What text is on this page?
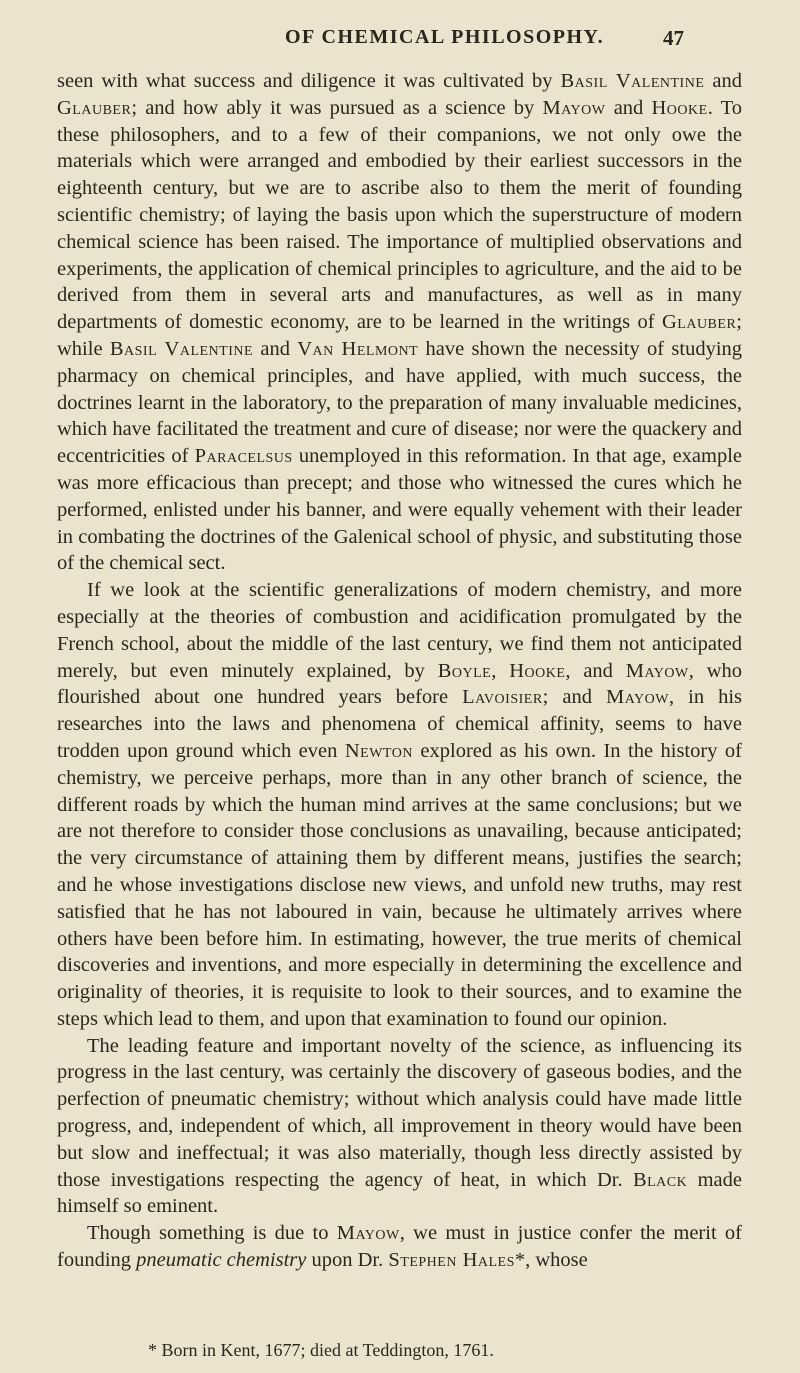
OF CHEMICAL PHILOSOPHY.	47

seen with what success and diligence it was cultivated by Basil Valentine and Glauber; and how ably it was pursued as a science by Mayow and Hooke. To these philosophers, and to a few of their companions, we not only owe the materials which were arranged and embodied by their earliest successors in the eighteenth century, but we are to ascribe also to them the merit of founding scientific chemistry; of laying the basis upon which the superstructure of modern chemical science has been raised. The importance of multiplied observations and experiments, the application of chemical principles to agriculture, and the aid to be derived from them in several arts and manufactures, as well as in many departments of domestic economy, are to be learned in the writings of Glauber; while Basil Valentine and Van Helmont have shown the necessity of studying pharmacy on chemical principles, and have applied, with much success, the doctrines learnt in the laboratory, to the preparation of many invaluable medicines, which have facilitated the treatment and cure of disease; nor were the quackery and eccentricities of Paracelsus unemployed in this reformation. In that age, example was more efficacious than precept; and those who witnessed the cures which he performed, enlisted under his banner, and were equally vehement with their leader in combating the doctrines of the Galenical school of physic, and substituting those of the chemical sect.

If we look at the scientific generalizations of modern chemistry, and more especially at the theories of combustion and acidification promulgated by the French school, about the middle of the last century, we find them not anticipated merely, but even minutely explained, by Boyle, Hooke, and Mayow, who flourished about one hundred years before Lavoisier; and Mayow, in his researches into the laws and phenomena of chemical affinity, seems to have trodden upon ground which even Newton explored as his own. In the history of chemistry, we perceive perhaps, more than in any other branch of science, the different roads by which the human mind arrives at the same conclusions; but we are not therefore to consider those conclusions as unavailing, because anticipated; the very circumstance of attaining them by different means, justifies the search; and he whose investigations disclose new views, and unfold new truths, may rest satisfied that he has not laboured in vain, because he ultimately arrives where others have been before him. In estimating, however, the true merits of chemical discoveries and inventions, and more especially in determining the excellence and originality of theories, it is requisite to look to their sources, and to examine the steps which lead to them, and upon that examination to found our opinion.

The leading feature and important novelty of the science, as influencing its progress in the last century, was certainly the discovery of gaseous bodies, and the perfection of pneumatic chemistry; without which analysis could have made little progress, and, independent of which, all improvement in theory would have been but slow and ineffectual; it was also materially, though less directly assisted by those investigations respecting the agency of heat, in which Dr. Black made himself so eminent.

Though something is due to Mayow, we must in justice confer the merit of founding pneumatic chemistry upon Dr. Stephen Hales*, whose

* Born in Kent, 1677; died at Teddington, 1761.
